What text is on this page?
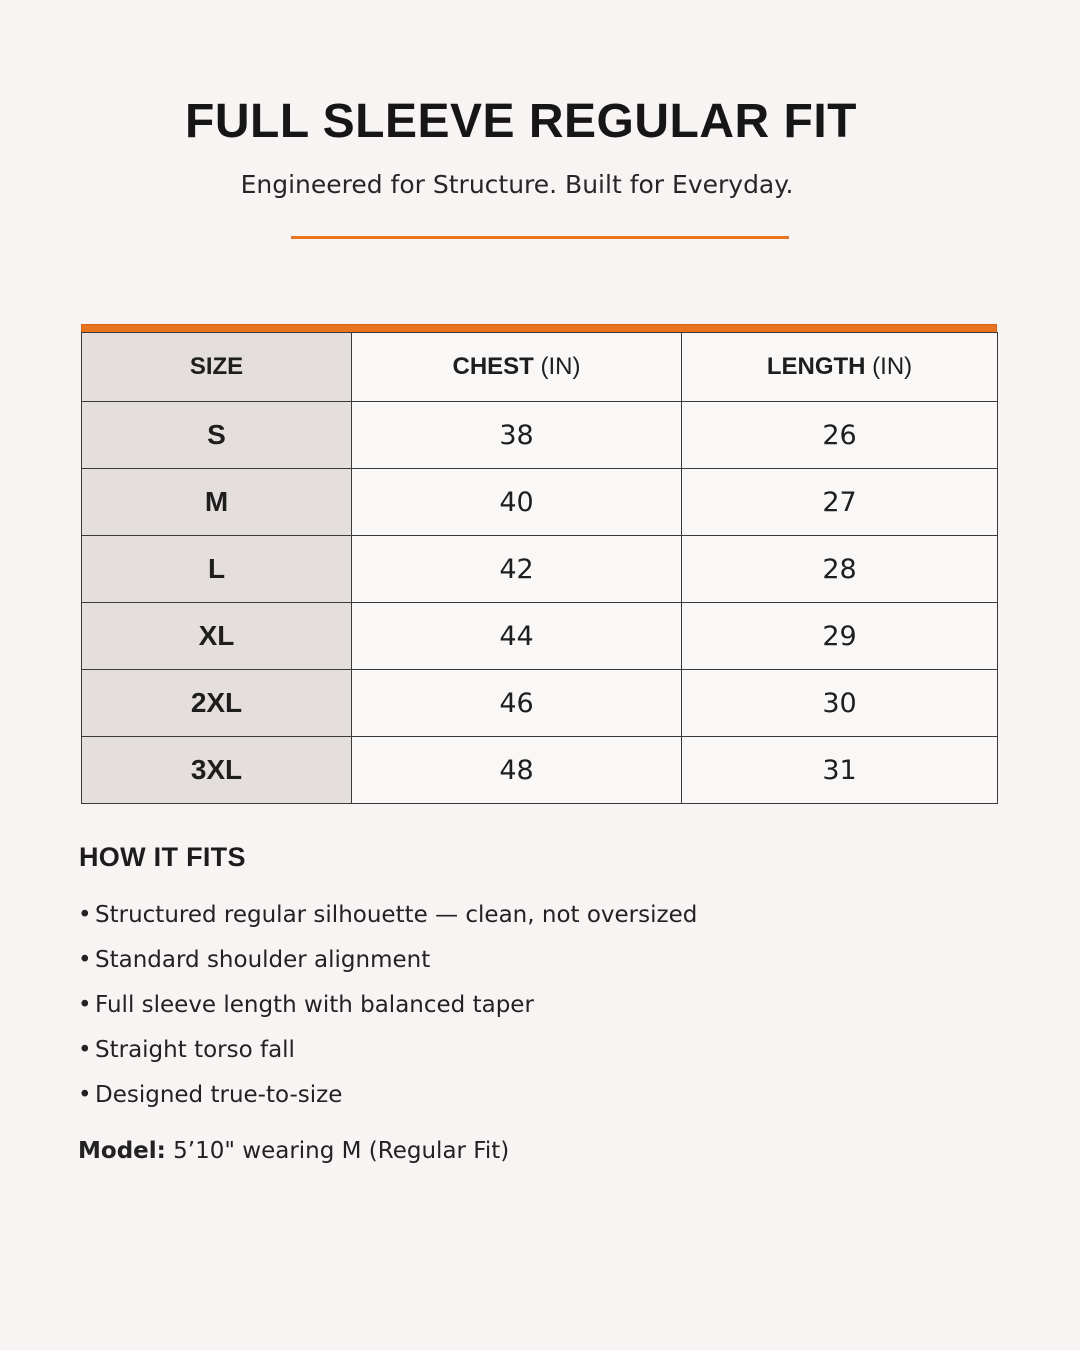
FULL SLEEVE REGULAR FIT

Engineered for Structure. Built for Everyday.

SIZE	CHEST (IN)	LENGTH (IN)
S	38	26
M	40	27
L	42	28
XL	44	29
2XL	46	30
3XL	48	31
HOW IT FITS
• Structured regular silhouette — clean, not oversized
• Standard shoulder alignment
• Full sleeve length with balanced taper
• Straight torso fall
• Designed true-to-size

Model: 5’10" wearing M (Regular Fit)
